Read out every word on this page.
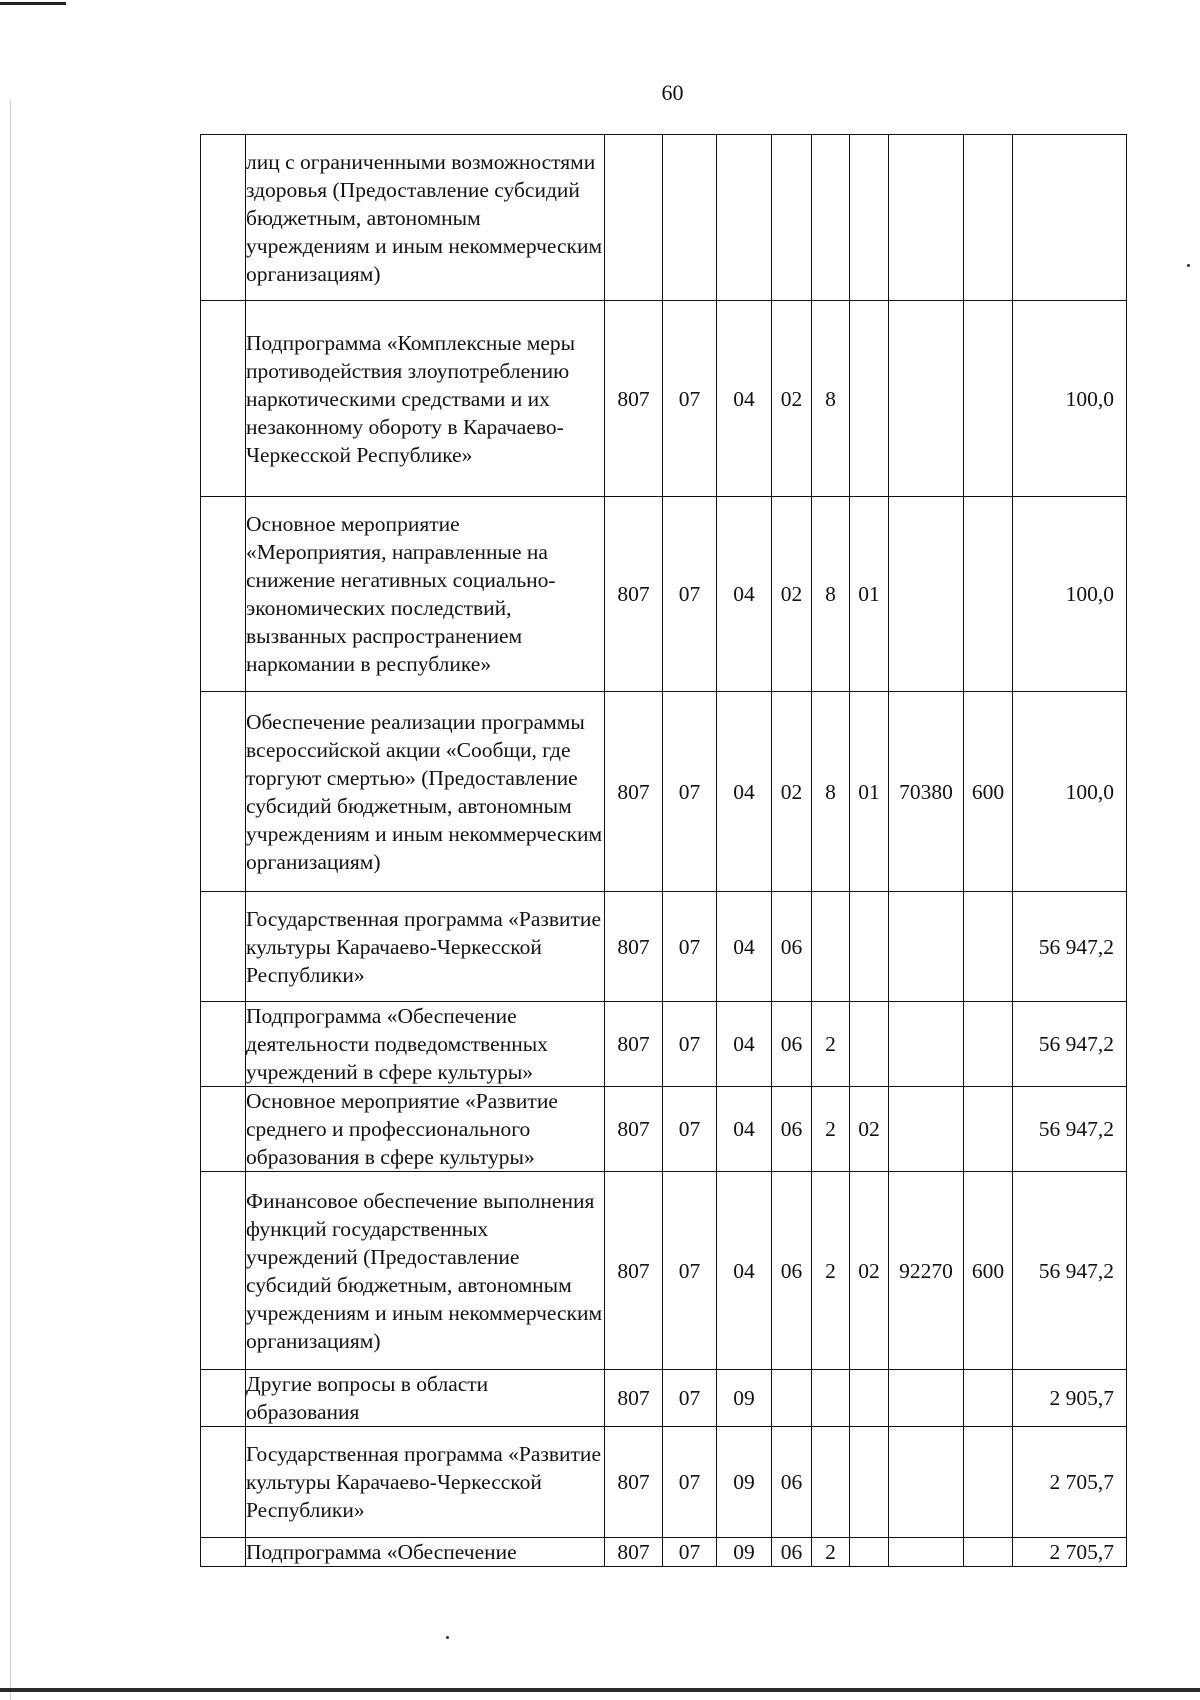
60
	лиц с ограниченными возможностями здоровья (Предоставление субсидий бюджетным, автономным учреждениям и иным некоммерческим организациям)									
	Подпрограмма «Комплексные меры противодействия злоупотреблению наркотическими средствами и их незаконному обороту в Карачаево-Черкесской Республике»	807	07	04	02	8				100,0
	Основное мероприятие «Мероприятия, направленные на снижение негативных социально-экономических последствий, вызванных распространением наркомании в республике»	807	07	04	02	8	01			100,0
	Обеспечение реализации программы всероссийской акции «Сообщи, где торгуют смертью» (Предоставление субсидий бюджетным, автономным учреждениям и иным некоммерческим организациям)	807	07	04	02	8	01	70380	600	100,0
	Государственная программа «Развитие культуры Карачаево-Черкесской Республики»	807	07	04	06					56 947,2
	Подпрограмма «Обеспечение деятельности подведомственных учреждений в сфере культуры»	807	07	04	06	2				56 947,2
	Основное мероприятие «Развитие среднего и профессионального образования в сфере культуры»	807	07	04	06	2	02			56 947,2
	Финансовое обеспечение выполнения функций государственных учреждений (Предоставление субсидий бюджетным, автономным учреждениям и иным некоммерческим организациям)	807	07	04	06	2	02	92270	600	56 947,2
	Другие вопросы в области образования	807	07	09						2 905,7
	Государственная программа «Развитие культуры Карачаево-Черкесской Республики»	807	07	09	06					2 705,7
	Подпрограмма «Обеспечение	807	07	09	06	2				2 705,7
